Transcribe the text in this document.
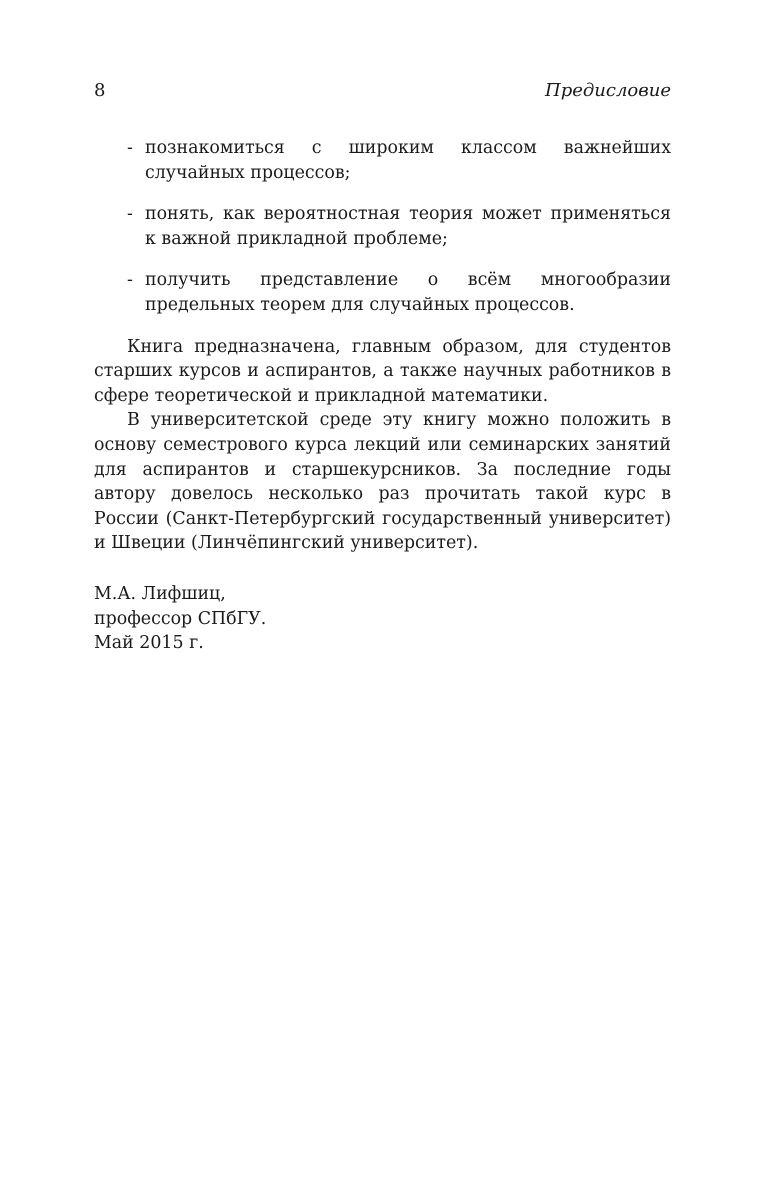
8	Предисловие
- познакомиться с широким классом важнейших случайных процессов;
- понять, как вероятностная теория может применяться к важной прикладной проблеме;
- получить представление о всём многообразии предельных теорем для случайных процессов.

Книга предназначена, главным образом, для студентов старших курсов и аспирантов, а также научных работников в сфере теоретической и прикладной математики.

В университетской среде эту книгу можно положить в основу семестрового курса лекций или семинарских занятий для аспирантов и старшекурсников. За последние годы автору довелось несколько раз прочитать такой курс в России (Санкт-Петербургский государственный университет) и Швеции (Линчёпингский университет).

М.А. Лифшиц,
профессор СПбГУ.
Май 2015 г.
